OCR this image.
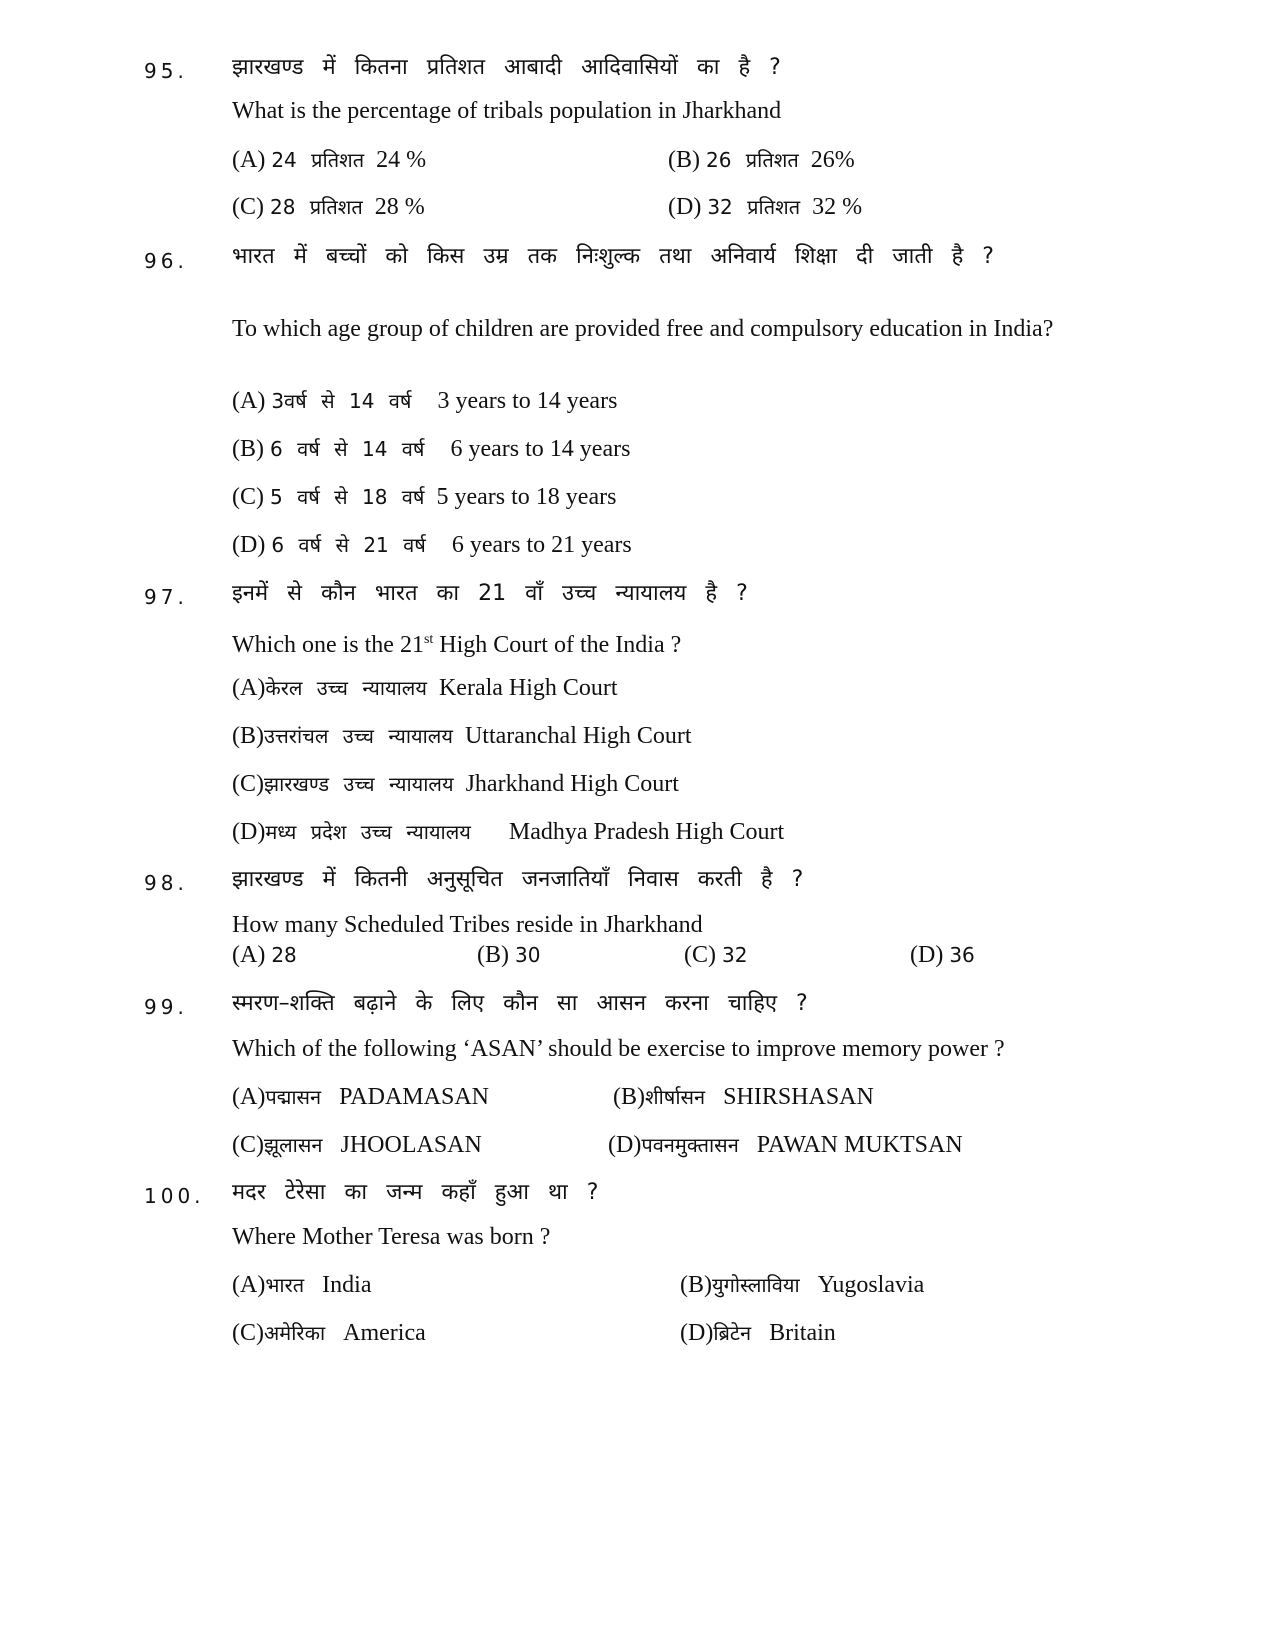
95. झारखण्ड में कितना प्रतिशत आबादी आदिवासियों का है ?
What is the percentage of tribals population in Jharkhand
(A) 24 प्रतिशत 24 %	(B) 26 प्रतिशत 26%
(C) 28 प्रतिशत 28 %	(D) 32 प्रतिशत 32 %
96. भारत में बच्चों को किस उम्र तक निःशुल्क तथा अनिवार्य शिक्षा दी जाती है ?
To which age group of children are provided free and compulsory education in India?
(A) 3वर्ष से 14 वर्ष 3 years to 14 years
(B) 6 वर्ष से 14 वर्ष 6 years to 14 years
(C) 5 वर्ष से 18 वर्ष 5 years to 18 years
(D) 6 वर्ष से 21 वर्ष 6 years to 21 years
97. इनमें से कौन भारत का 21 वाँ उच्च न्यायालय है ?
Which one is the 21st High Court of the India ?
(A)केरल उच्च न्यायालय Kerala High Court
(B)उत्तरांचल उच्च न्यायालय Uttaranchal High Court
(C)झारखण्ड उच्च न्यायालय Jharkhand High Court
(D)मध्य प्रदेश उच्च न्यायालय Madhya Pradesh High Court
98. झारखण्ड में कितनी अनुसूचित जनजातियाँ निवास करती है ?
How many Scheduled Tribes reside in Jharkhand
(A) 28	(B) 30	(C) 32	(D) 36
99. स्मरण–शक्ति बढ़ाने के लिए कौन सा आसन करना चाहिए ?
Which of the following ‘ASAN’ should be exercise to improve memory power ?
(A)पद्मासन PADAMASAN	(B)शीर्षासन SHIRSHASAN
(C)झूलासन JHOOLASAN	(D)पवनमुक्तासन PAWAN MUKTSAN
100. मदर टेरेसा का जन्म कहाँ हुआ था ?
Where Mother Teresa was born ?
(A)भारत India	(B)युगोस्लाविया Yugoslavia
(C)अमेरिका America	(D)ब्रिटेन Britain
